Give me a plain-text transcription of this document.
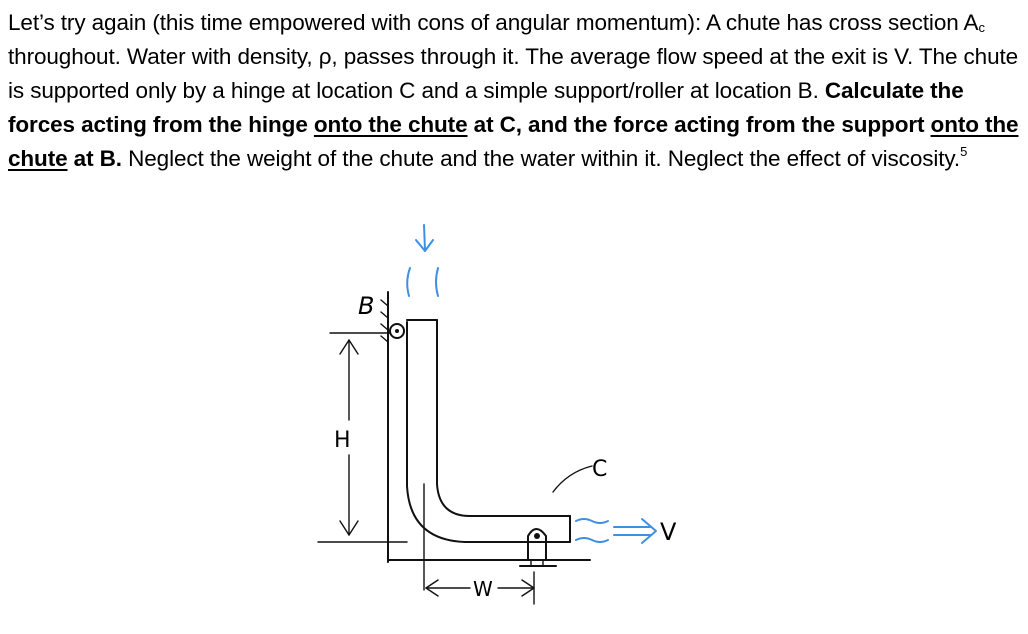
Let’s try again (this time empowered with cons of angular momentum): A chute has cross section $A_c$ throughout. Water with density, ρ, passes through it. The average flow speed at the exit is V. The chute is supported only by a hinge at location C and a simple support/roller at location B. Calculate the forces acting from the hinge onto the chute at C, and the force acting from the support onto the chute at B. Neglect the weight of the chute and the water within it. Neglect the effect of viscosity.$^5$

B
C
H
W
V
